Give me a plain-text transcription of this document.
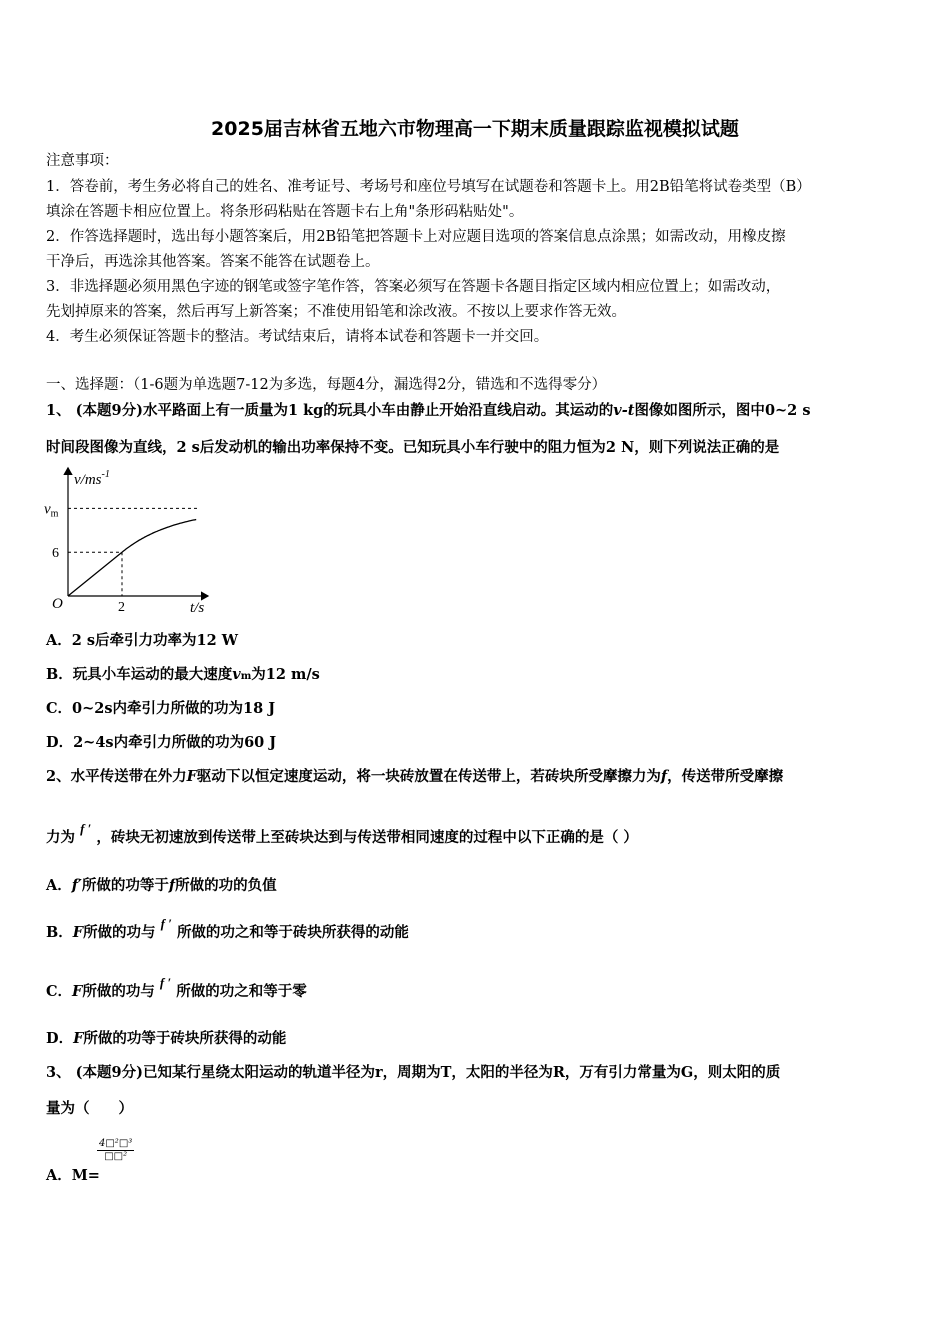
2025届吉林省五地六市物理高一下期末质量跟踪监视模拟试题
注意事项：
1．答卷前，考生务必将自己的姓名、准考证号、考场号和座位号填写在试题卷和答题卡上。用2B铅笔将试卷类型（B）
填涂在答题卡相应位置上。将条形码粘贴在答题卡右上角"条形码粘贴处"。
2．作答选择题时，选出每小题答案后，用2B铅笔把答题卡上对应题目选项的答案信息点涂黑；如需改动，用橡皮擦
干净后，再选涂其他答案。答案不能答在试题卷上。
3．非选择题必须用黑色字迹的钢笔或签字笔作答，答案必须写在答题卡各题目指定区域内相应位置上；如需改动，
先划掉原来的答案，然后再写上新答案；不准使用铅笔和涂改液。不按以上要求作答无效。
4．考生必须保证答题卡的整洁。考试结束后，请将本试卷和答题卡一并交回。
一、选择题：（1-6题为单选题7-12为多选，每题4分，漏选得2分，错选和不选得零分）
1、 (本题9分)水平路面上有一质量为1 kg的玩具小车由静止开始沿直线启动。其运动的v-t图像如图所示，图中0~2 s
时间段图像为直线，2 s后发动机的输出功率保持不变。已知玩具小车行驶中的阻力恒为2 N，则下列说法正确的是
$v/ms^{-1}$
$v_m$
6
O	2	t/s
A．2 s后牵引力功率为12 W
B．玩具小车运动的最大速度vm为12 m/s
C．0~2s内牵引力所做的功为18 J
D．2~4s内牵引力所做的功为60 J
2、水平传送带在外力F驱动下以恒定速度运动，将一块砖放置在传送带上，若砖块所受摩擦力为f，传送带所受摩擦
力为 f ′ ，砖块无初速放到传送带上至砖块达到与传送带相同速度的过程中以下正确的是（ ）
A．f′所做的功等于f所做的功的负值
B．F所做的功与 f ′ 所做的功之和等于砖块所获得的动能
C．F所做的功与 f ′ 所做的功之和等于零
D．F所做的功等于砖块所获得的动能
3、 (本题9分)已知某行星绕太阳运动的轨道半径为r，周期为T，太阳的半径为R，万有引力常量为G，则太阳的质
量为（　　）
A．M=
4□²□³
□□²
